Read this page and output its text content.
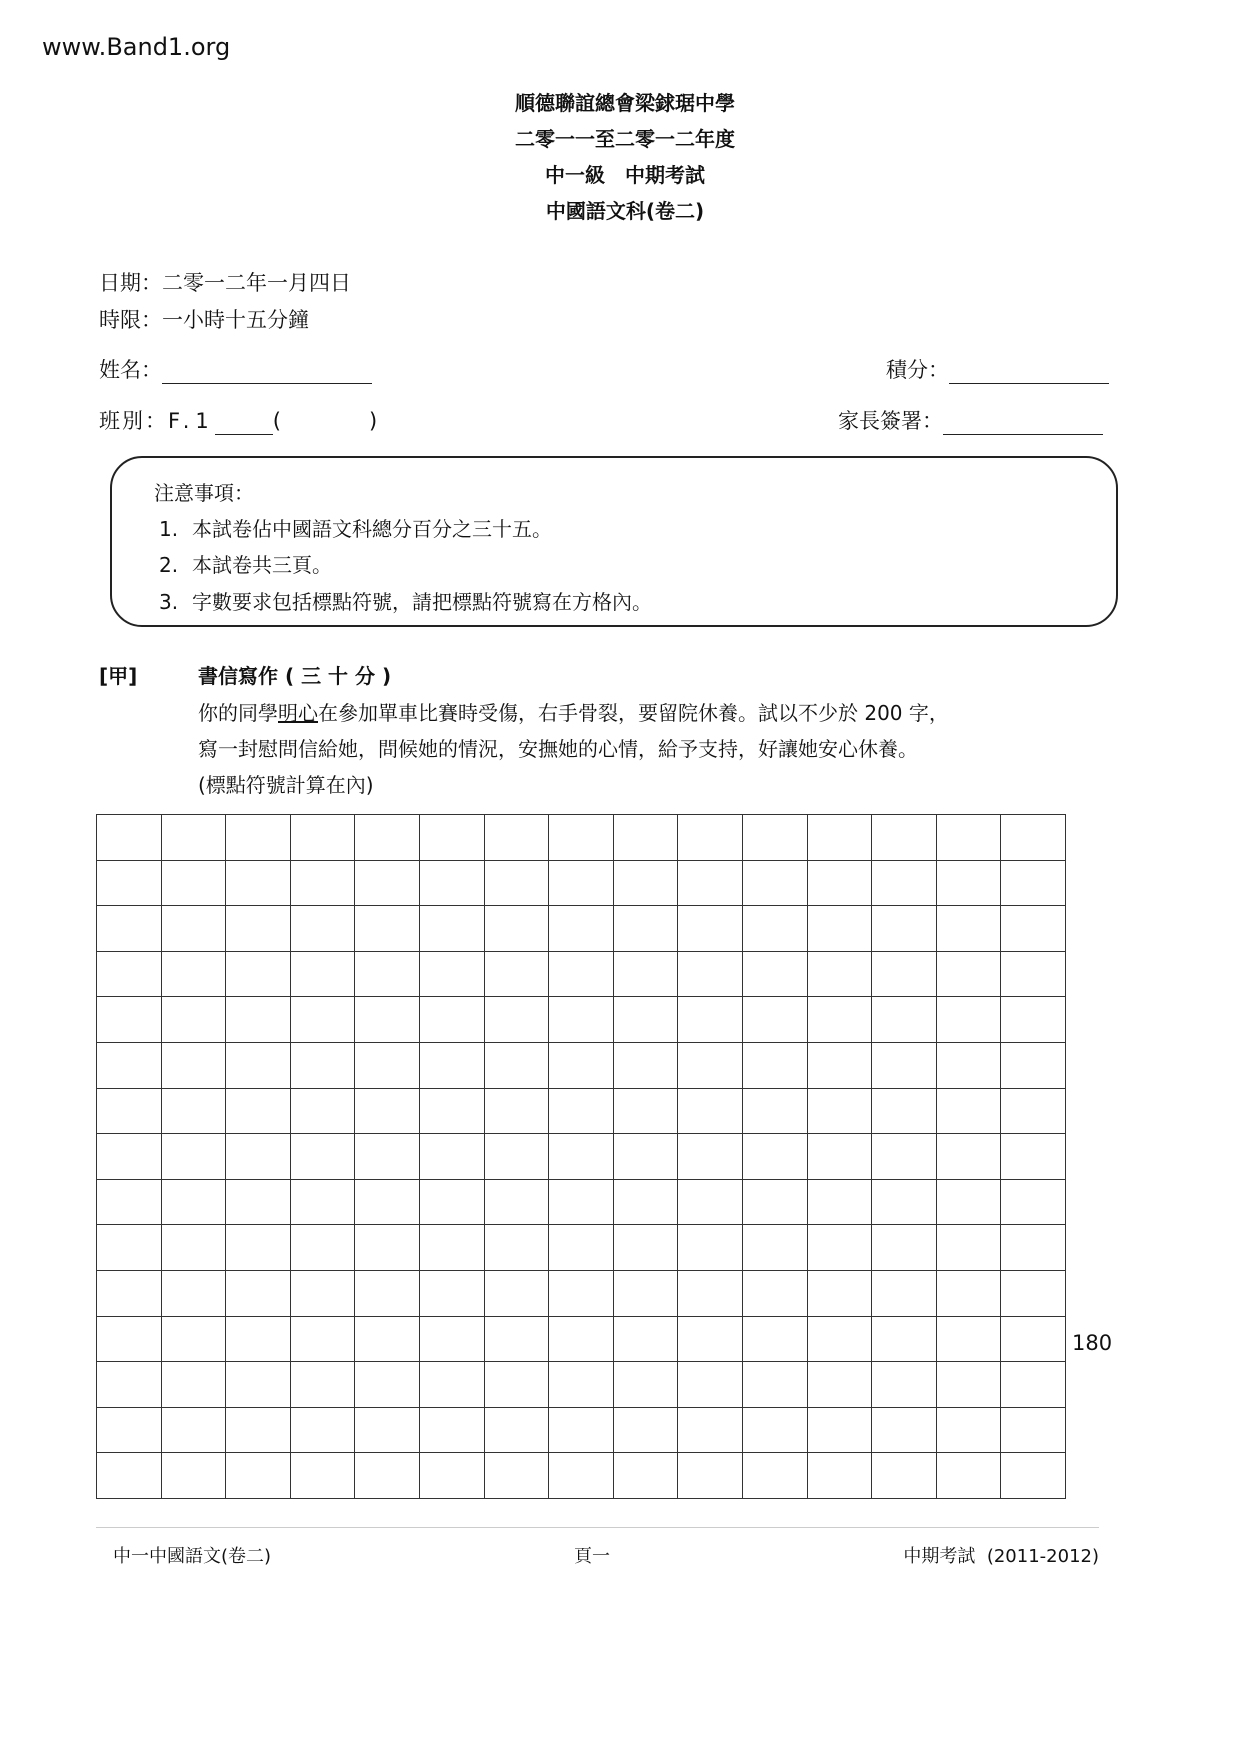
www.Band1.org
順德聯誼總會梁銶琚中學
二零一一至二零一二年度
中一級　中期考試
中國語文科(卷二)
日期：二零一二年一月四日
時限：一小時十五分鐘
姓名：
班別：F.1	(	)
積分：
家長簽署：
注意事項：
1. 本試卷佔中國語文科總分百分之三十五。
2. 本試卷共三頁。
3. 字數要求包括標點符號，請把標點符號寫在方格內。
[甲]	書信寫作 ( 三 十 分 )
你的同學明心在參加單車比賽時受傷，右手骨裂，要留院休養。試以不少於 200 字，
寫一封慰問信給她，問候她的情況，安撫她的心情，給予支持，好讓她安心休養。
(標點符號計算在內)

180
中一中國語文(卷二)	頁一	中期考試  (2011-2012)
